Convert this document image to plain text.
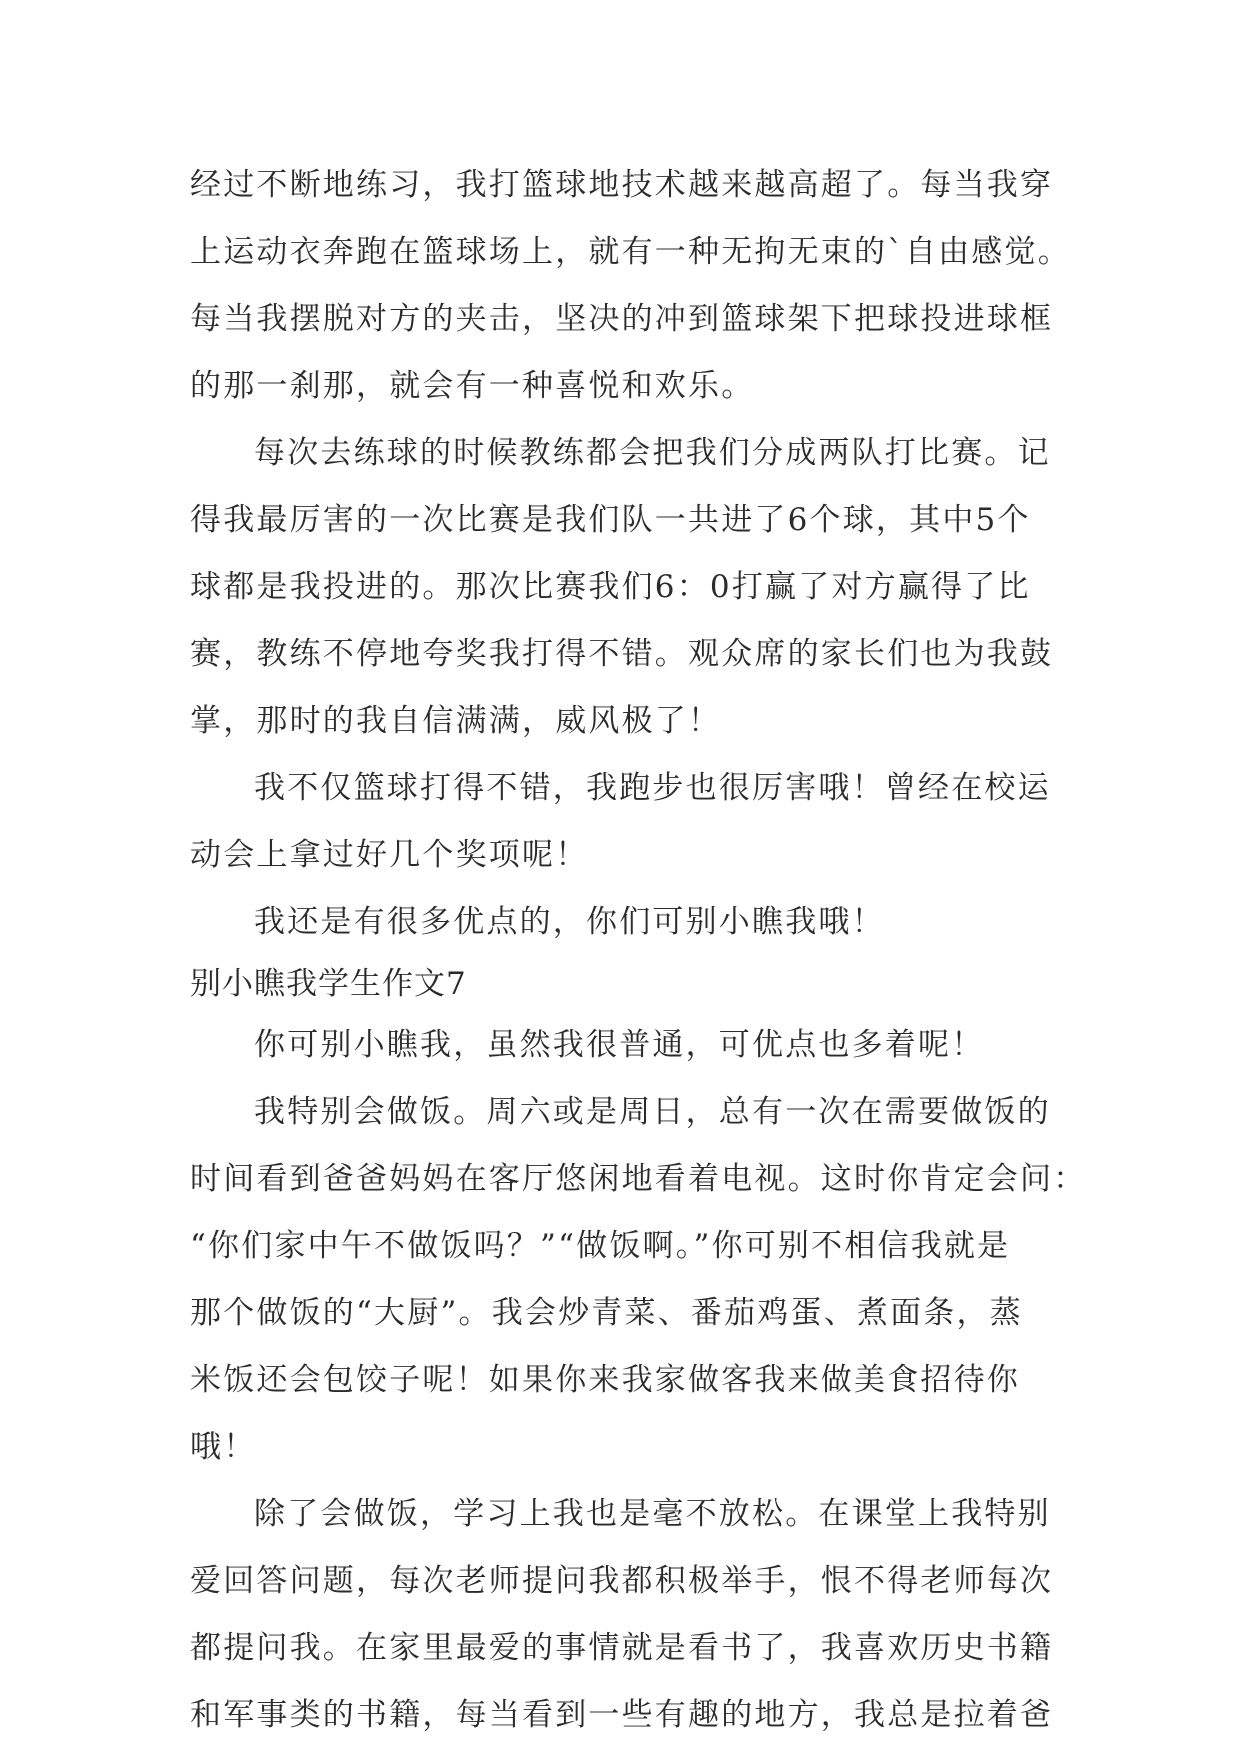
经过不断地练习，我打篮球地技术越来越高超了。每当我穿
上运动衣奔跑在篮球场上，就有一种无拘无束的`自由感觉。
每当我摆脱对方的夹击，坚决的冲到篮球架下把球投进球框
的那一刹那，就会有一种喜悦和欢乐。
每次去练球的时候教练都会把我们分成两队打比赛。记
得我最厉害的一次比赛是我们队一共进了6个球，其中5个
球都是我投进的。那次比赛我们6：0打赢了对方赢得了比
赛，教练不停地夸奖我打得不错。观众席的家长们也为我鼓
掌，那时的我自信满满，威风极了！
我不仅篮球打得不错，我跑步也很厉害哦！曾经在校运
动会上拿过好几个奖项呢！
我还是有很多优点的，你们可别小瞧我哦！
别小瞧我学生作文7
你可别小瞧我，虽然我很普通，可优点也多着呢！
我特别会做饭。周六或是周日，总有一次在需要做饭的
时间看到爸爸妈妈在客厅悠闲地看着电视。这时你肯定会问：
“你们家中午不做饭吗？”“做饭啊。”你可别不相信我就是
那个做饭的“大厨”。我会炒青菜、番茄鸡蛋、煮面条，蒸
米饭还会包饺子呢！如果你来我家做客我来做美食招待你
哦！
除了会做饭，学习上我也是毫不放松。在课堂上我特别
爱回答问题，每次老师提问我都积极举手，恨不得老师每次
都提问我。在家里最爱的事情就是看书了，我喜欢历史书籍
和军事类的书籍，每当看到一些有趣的地方，我总是拉着爸
